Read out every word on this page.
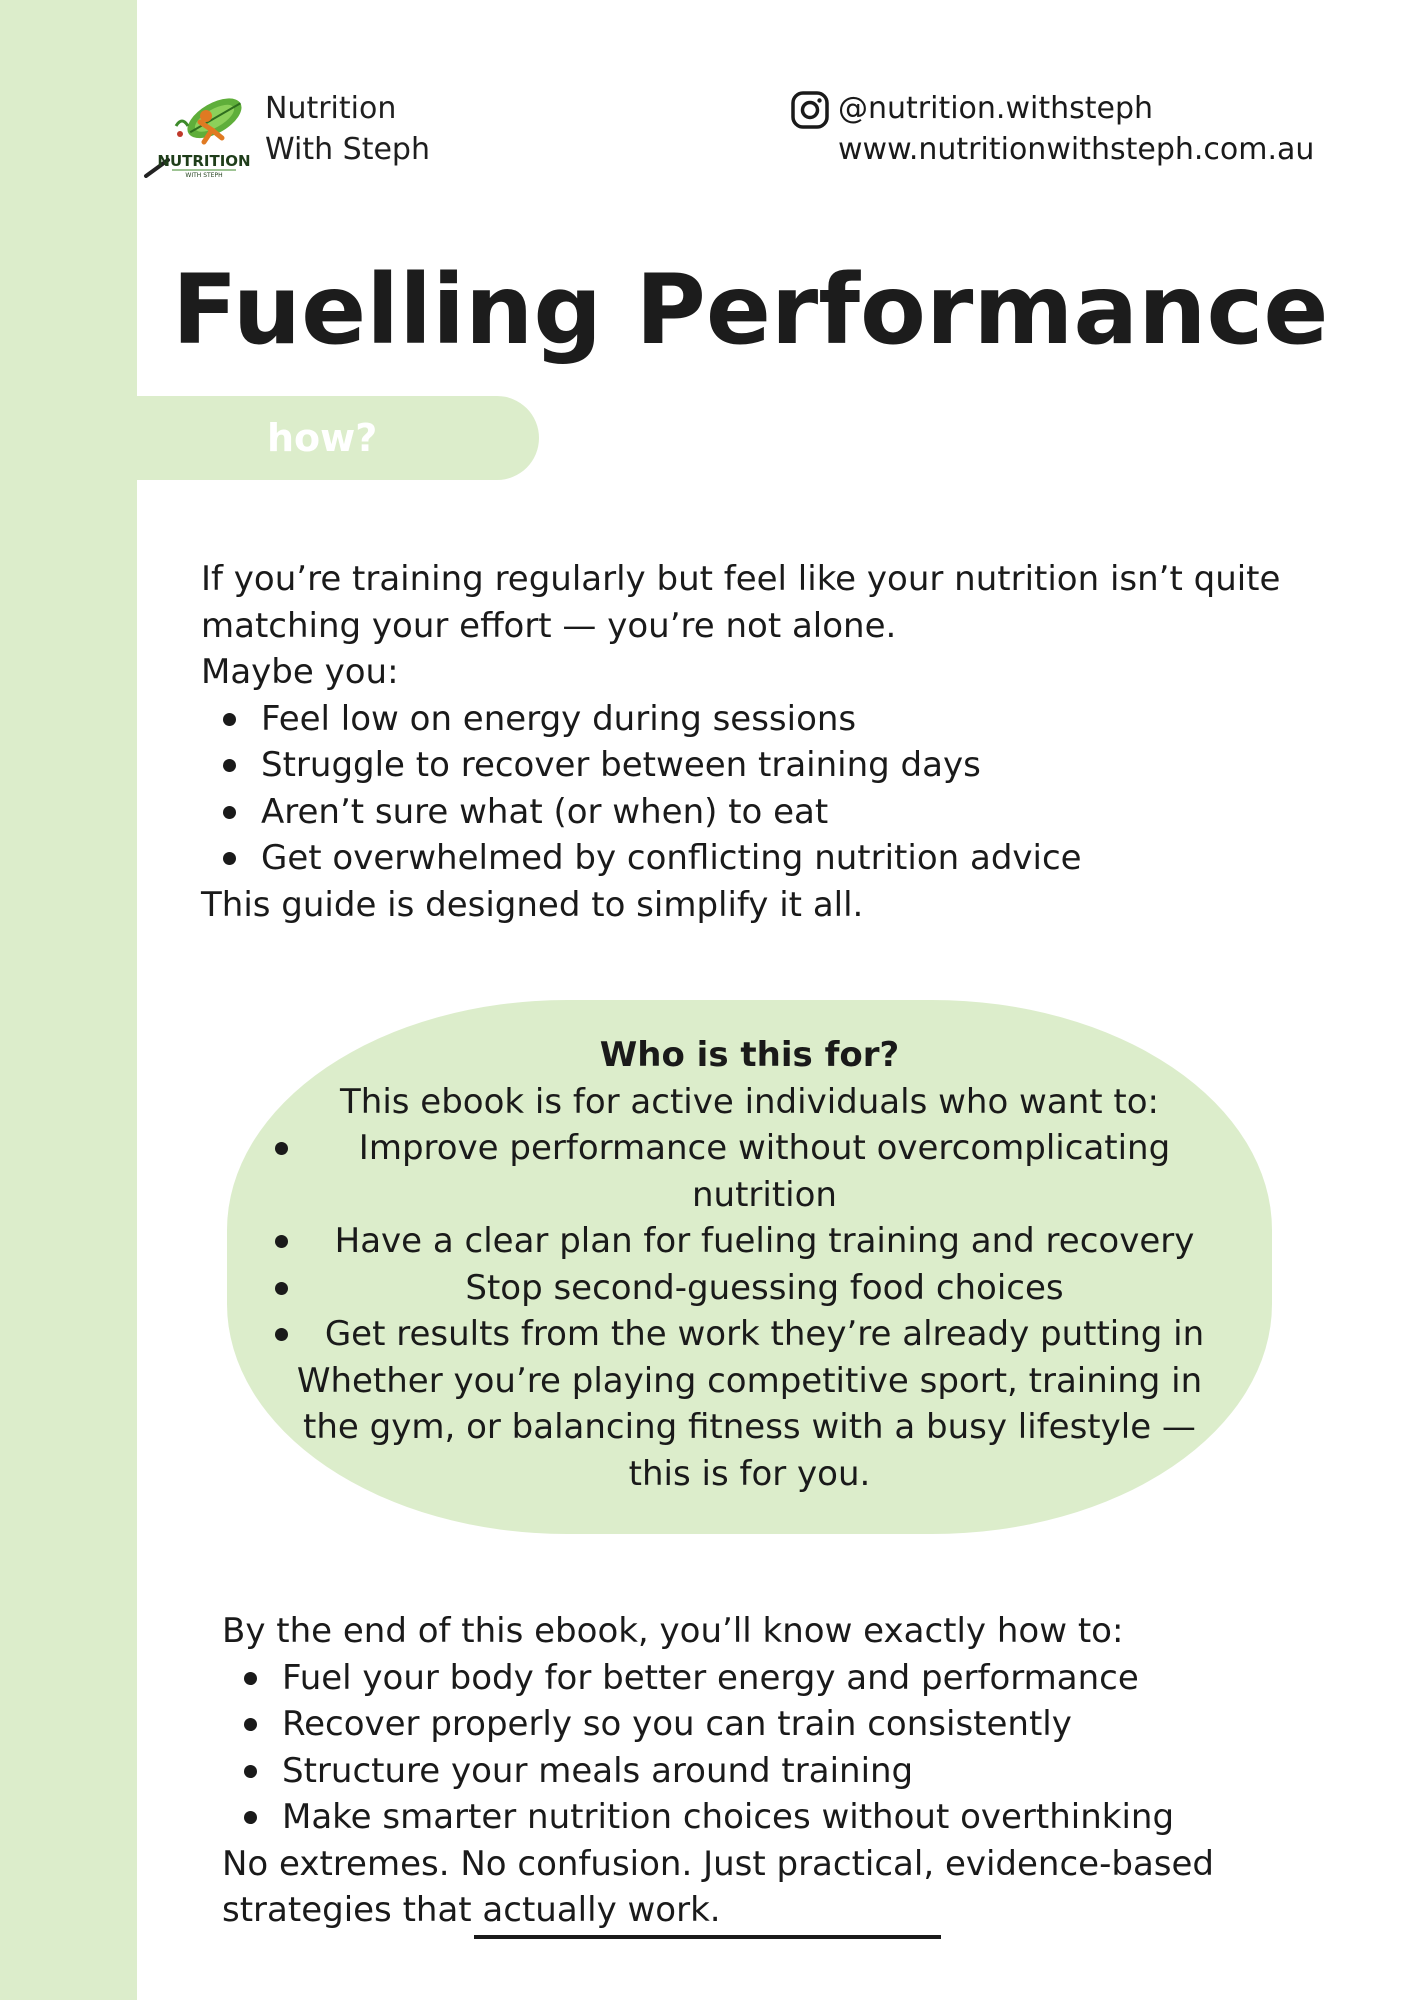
NUTRITION
WITH STEPH
Nutrition
With Steph
@nutrition.withsteph
www.nutritionwithsteph.com.au
Fuelling Performance
how?

If you’re training regularly but feel like your nutrition isn’t quite matching your effort — you’re not alone.

Maybe you:

Feel low on energy during sessions
Struggle to recover between training days
Aren’t sure what (or when) to eat
Get overwhelmed by conflicting nutrition advice

This guide is designed to simplify it all.

Who is this for?

This ebook is for active individuals who want to:

Improve performance without overcomplicating nutrition
Have a clear plan for fueling training and recovery
Stop second-guessing food choices
Get results from the work they’re already putting in

Whether you’re playing competitive sport, training in the gym, or balancing fitness with a busy lifestyle — this is for you.

By the end of this ebook, you’ll know exactly how to:

Fuel your body for better energy and performance
Recover properly so you can train consistently
Structure your meals around training
Make smarter nutrition choices without overthinking

No extremes. No confusion. Just practical, evidence-based strategies that actually work.
